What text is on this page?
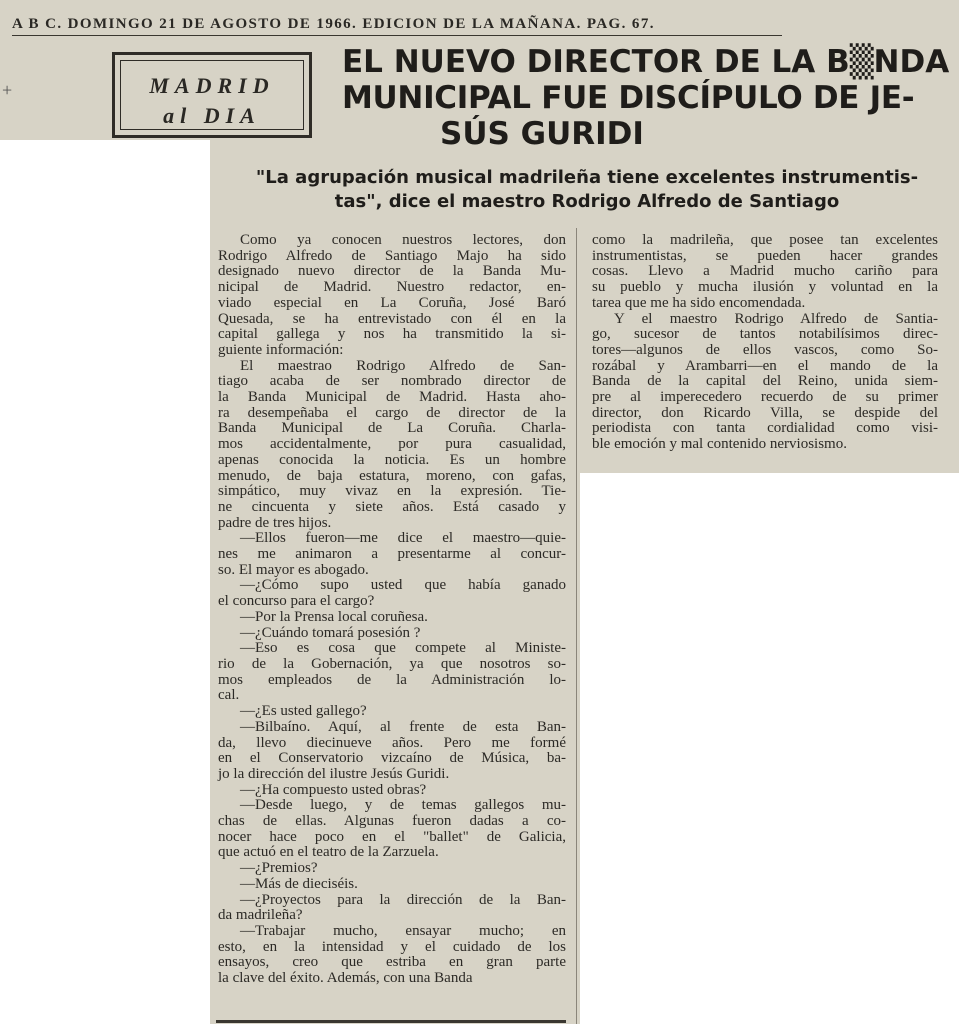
A B C. DOMINGO 21 DE AGOSTO DE 1966. EDICION DE LA MAÑANA. PAG. 67.
+	MADRID
al DIA
EL NUEVO DIRECTOR DE LA B▒NDA
MUNICIPAL FUE DISCÍPULO DE JE-
SÚS GURIDI
"La agrupación musical madrileña tiene excelentes instrumentis-
tas", dice el maestro Rodrigo Alfredo de Santiago
Como ya conocen nuestros lectores, don
Rodrigo Alfredo de Santiago Majo ha sido
designado nuevo director de la Banda Mu-
nicipal de Madrid. Nuestro redactor, en-
viado especial en La Coruña, José Baró
Quesada, se ha entrevistado con él en la
capital gallega y nos ha transmitido la si-
guiente información:
El maestrao Rodrigo Alfredo de San-
tiago acaba de ser nombrado director de
la Banda Municipal de Madrid. Hasta aho-
ra desempeñaba el cargo de director de la
Banda Municipal de La Coruña. Charla-
mos accidentalmente, por pura casualidad,
apenas conocida la noticia. Es un hombre
menudo, de baja estatura, moreno, con gafas,
simpático, muy vivaz en la expresión. Tie-
ne cincuenta y siete años. Está casado y
padre de tres hijos.
—Ellos fueron—me dice el maestro—quie-
nes me animaron a presentarme al concur-
so. El mayor es abogado.
—¿Cómo supo usted que había ganado
el concurso para el cargo?
—Por la Prensa local coruñesa.
—¿Cuándo tomará posesión ?
—Eso es cosa que compete al Ministe-
rio de la Gobernación, ya que nosotros so-
mos empleados de la Administración lo-
cal.
—¿Es usted gallego?
—Bilbaíno. Aquí, al frente de esta Ban-
da, llevo diecinueve años. Pero me formé
en el Conservatorio vizcaíno de Música, ba-
jo la dirección del ilustre Jesús Guridi.
—¿Ha compuesto usted obras?
—Desde luego, y de temas gallegos mu-
chas de ellas. Algunas fueron dadas a co-
nocer hace poco en el "ballet" de Galicia,
que actuó en el teatro de la Zarzuela.
—¿Premios?
—Más de dieciséis.
—¿Proyectos para la dirección de la Ban-
da madrileña?
—Trabajar mucho, ensayar mucho; en
esto, en la intensidad y el cuidado de los
ensayos, creo que estriba en gran parte
la clave del éxito. Además, con una Banda
como la madrileña, que posee tan excelentes
instrumentistas, se pueden hacer grandes
cosas. Llevo a Madrid mucho cariño para
su pueblo y mucha ilusión y voluntad en la
tarea que me ha sido encomendada.
Y el maestro Rodrigo Alfredo de Santia-
go, sucesor de tantos notabilísimos direc-
tores—algunos de ellos vascos, como So-
rozábal y Arambarri—en el mando de la
Banda de la capital del Reino, unida siem-
pre al imperecedero recuerdo de su primer
director, don Ricardo Villa, se despide del
periodista con tanta cordialidad como visi-
ble emoción y mal contenido nerviosismo.
